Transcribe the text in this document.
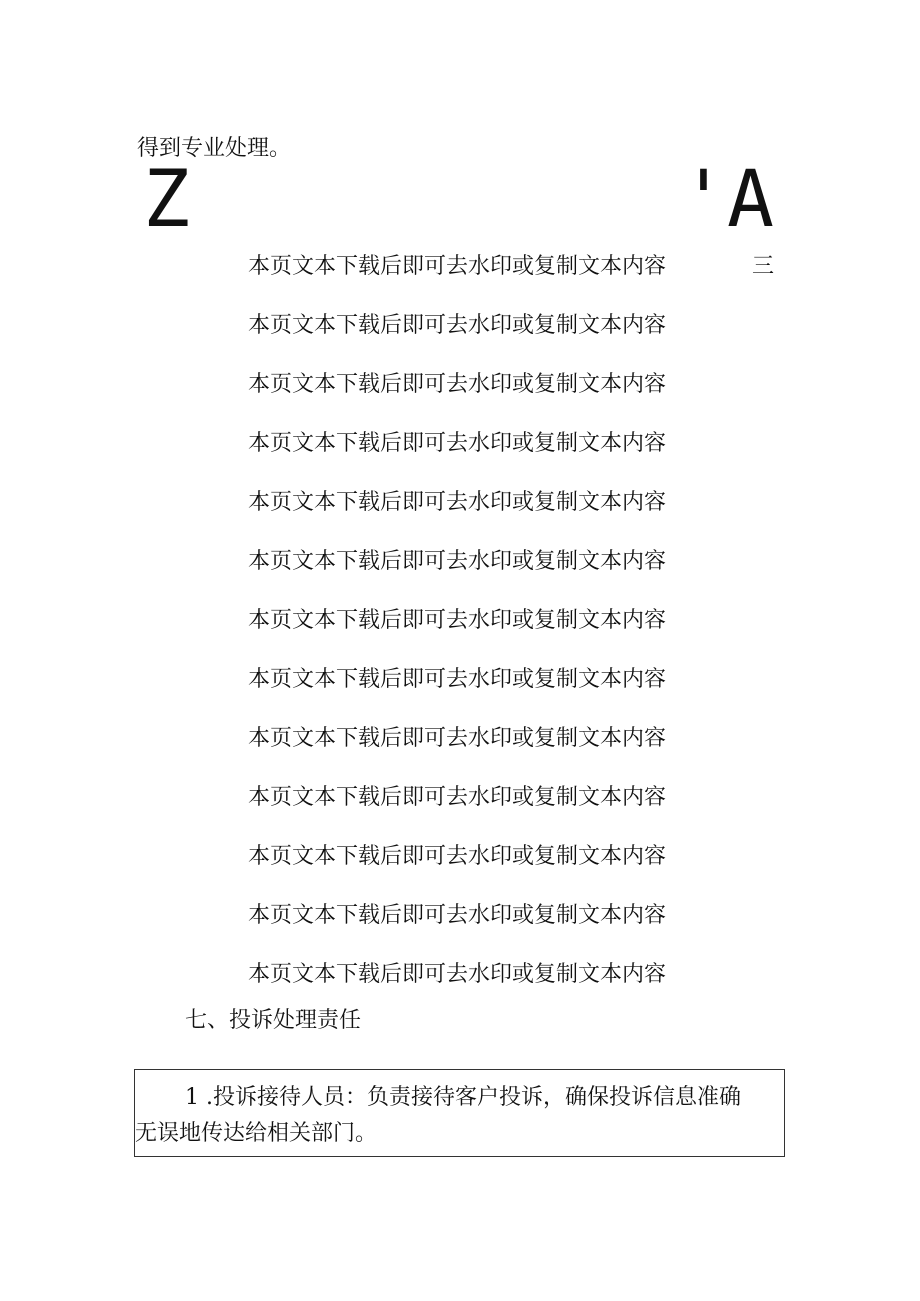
得到专业处理。
Z	'A
三
本页文本下载后即可去水印或复制文本内容
本页文本下载后即可去水印或复制文本内容
本页文本下载后即可去水印或复制文本内容
本页文本下载后即可去水印或复制文本内容
本页文本下载后即可去水印或复制文本内容
本页文本下载后即可去水印或复制文本内容
本页文本下载后即可去水印或复制文本内容
本页文本下载后即可去水印或复制文本内容
本页文本下载后即可去水印或复制文本内容
本页文本下载后即可去水印或复制文本内容
本页文本下载后即可去水印或复制文本内容
本页文本下载后即可去水印或复制文本内容
本页文本下载后即可去水印或复制文本内容
七、投诉处理责任
1 .投诉接待人员：负责接待客户投诉，确保投诉信息准确
无误地传达给相关部门。
